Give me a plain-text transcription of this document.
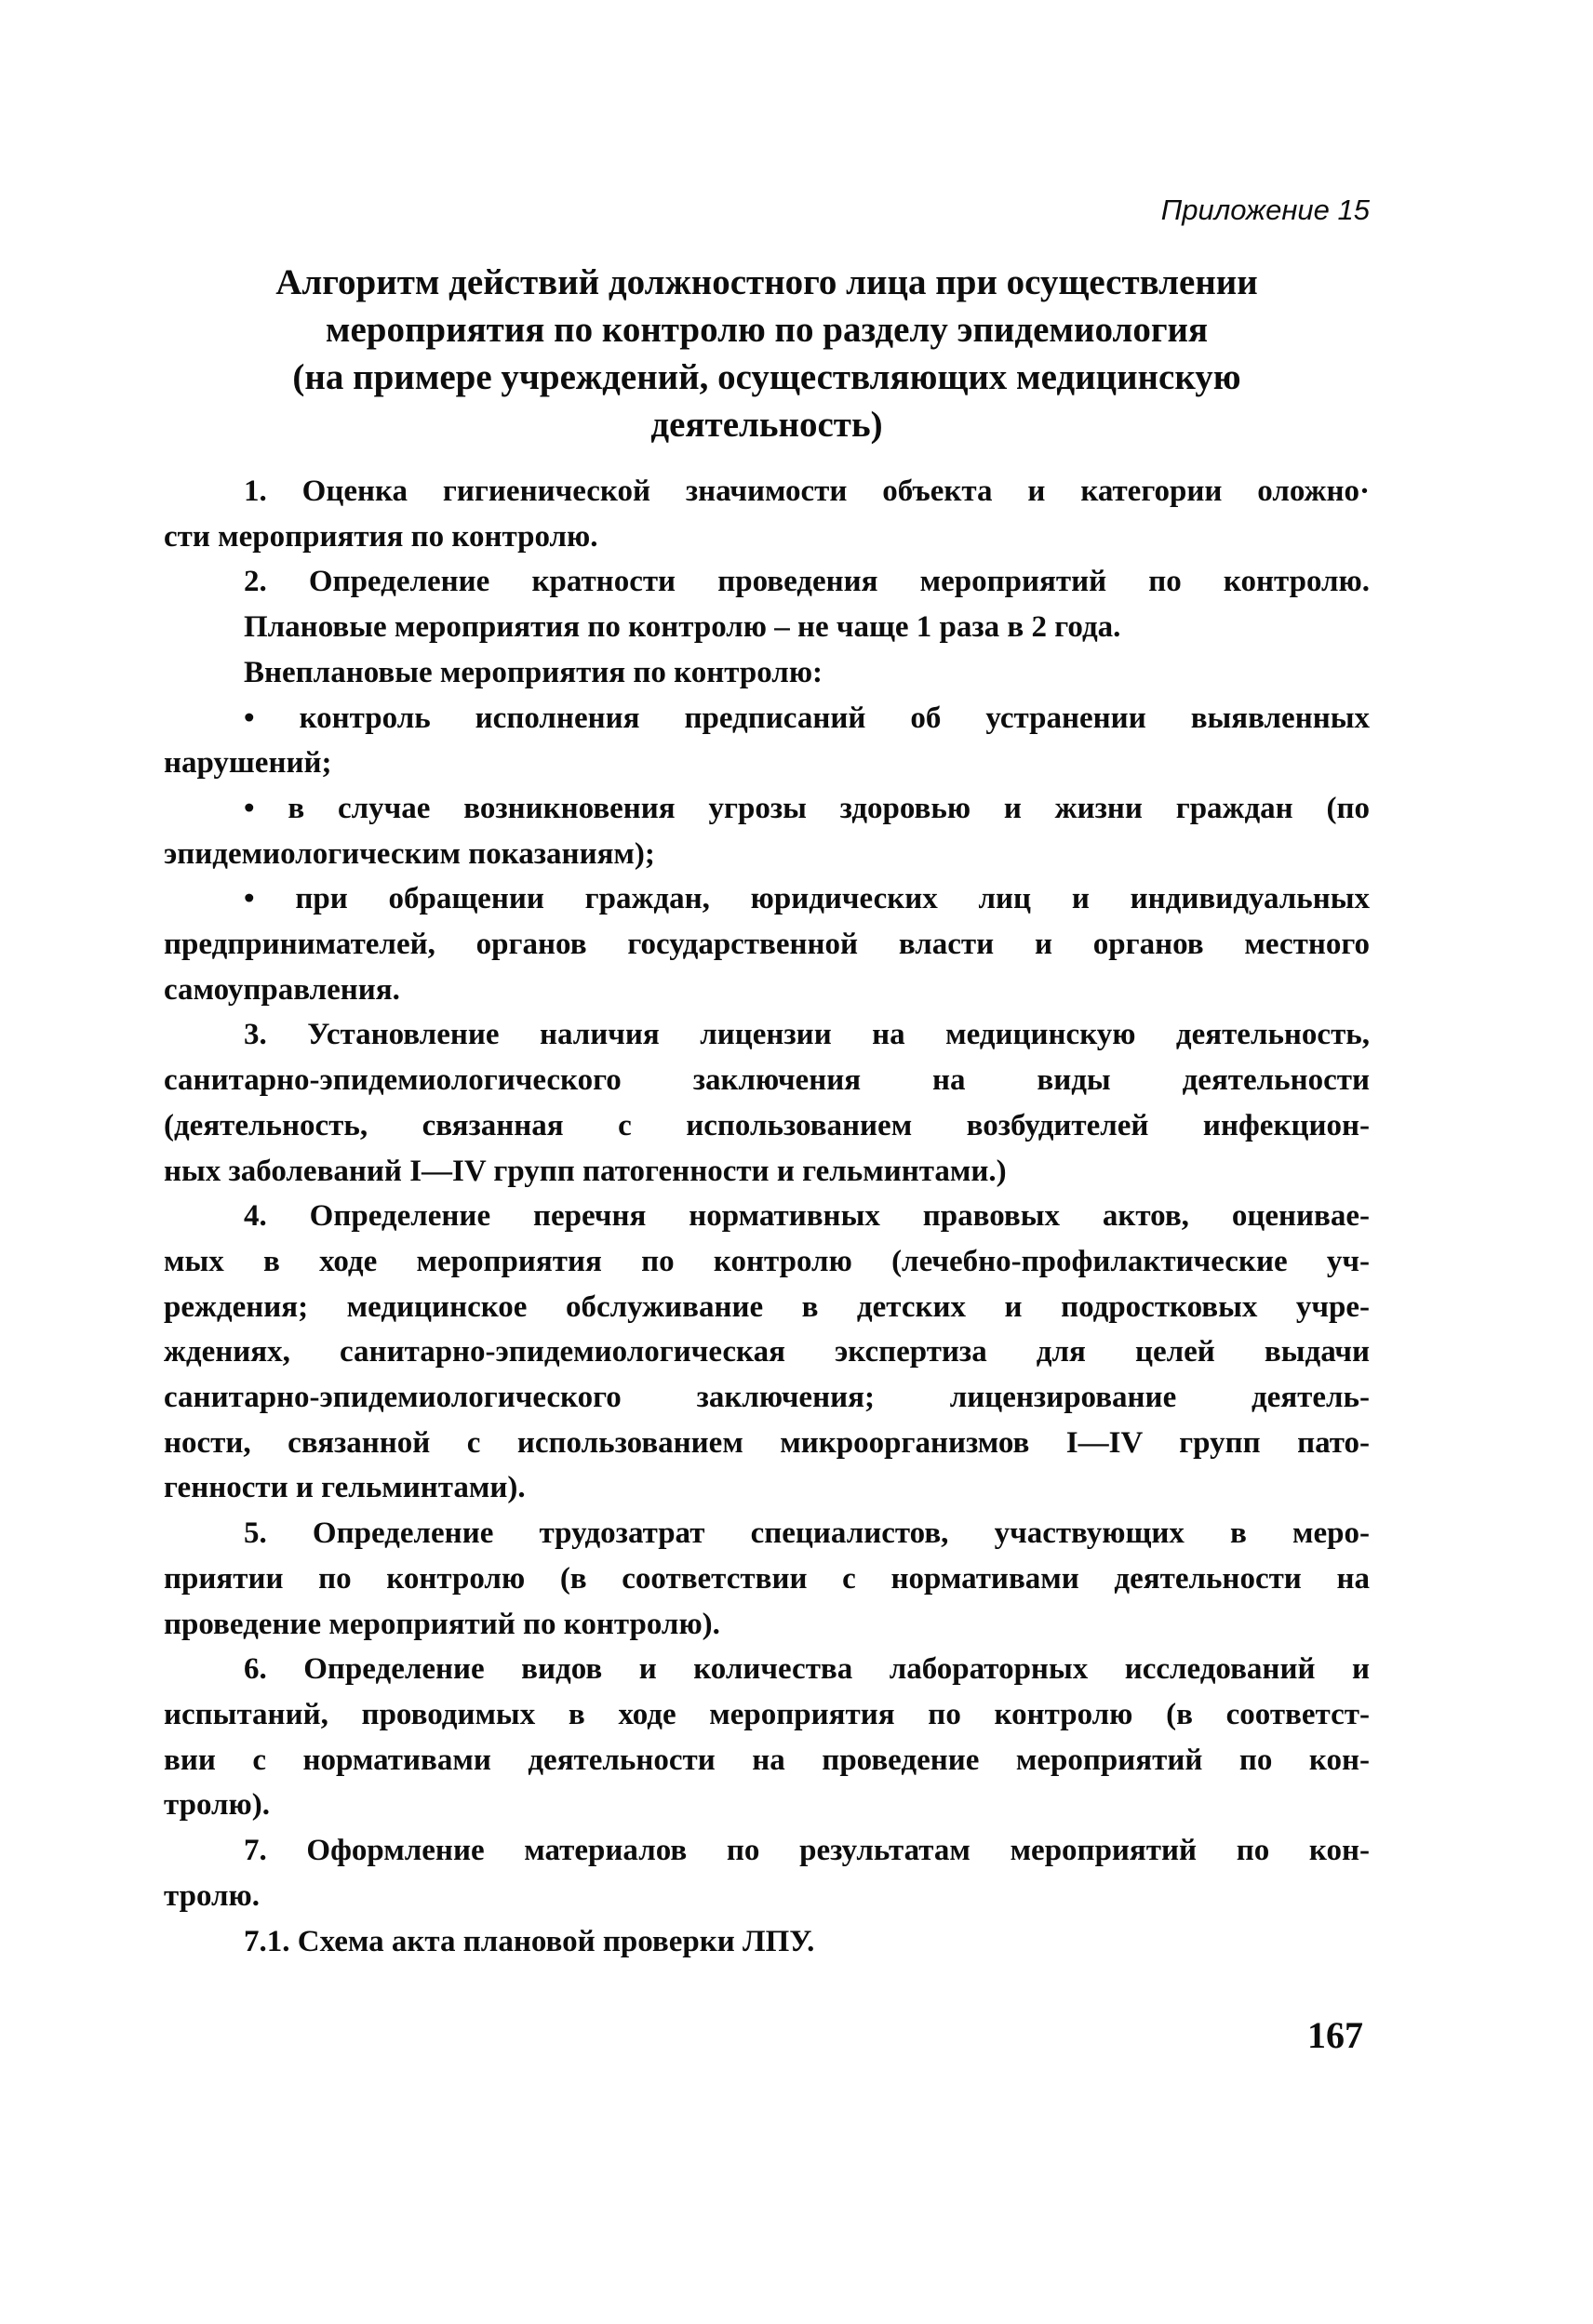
Приложение 15
Алгоритм действий должностного лица при осуществлении
мероприятия по контролю по разделу эпидемиология
(на примере учреждений, осуществляющих медицинскую
деятельность)
1. Оценка гигиенической значимости объекта и категории оложно·
сти мероприятия по контролю.
2. Определение кратности проведения мероприятий по контролю.
Плановые мероприятия по контролю – не чаще 1 раза в 2 года.
Внеплановые мероприятия по контролю:
• контроль исполнения предписаний об устранении выявленных
нарушений;
• в случае возникновения угрозы здоровью и жизни граждан (по
эпидемиологическим показаниям);
• при обращении граждан, юридических лиц и индивидуальных
предпринимателей, органов государственной власти и органов местного
самоуправления.
3. Установление наличия лицензии на медицинскую деятельность,
санитарно-эпидемиологического заключения на виды деятельности
(деятельность, связанная с использованием возбудителей инфекцион-
ных заболеваний I—IV групп патогенности и гельминтами.)
4. Определение перечня нормативных правовых актов, оценивае-
мых в ходе мероприятия по контролю (лечебно-профилактические уч-
реждения; медицинское обслуживание в детских и подростковых учре-
ждениях, санитарно-эпидемиологическая экспертиза для целей выдачи
санитарно-эпидемиологического заключения; лицензирование деятель-
ности, связанной с использованием микроорганизмов I—IV групп пато-
генности и гельминтами).
5. Определение трудозатрат специалистов, участвующих в меро-
приятии по контролю (в соответствии с нормативами деятельности на
проведение мероприятий по контролю).
6. Определение видов и количества лабораторных исследований и
испытаний, проводимых в ходе мероприятия по контролю (в соответст-
вии с нормативами деятельности на проведение мероприятий по кон-
тролю).
7. Оформление материалов по результатам мероприятий по кон-
тролю.
7.1. Схема акта плановой проверки ЛПУ.
167
